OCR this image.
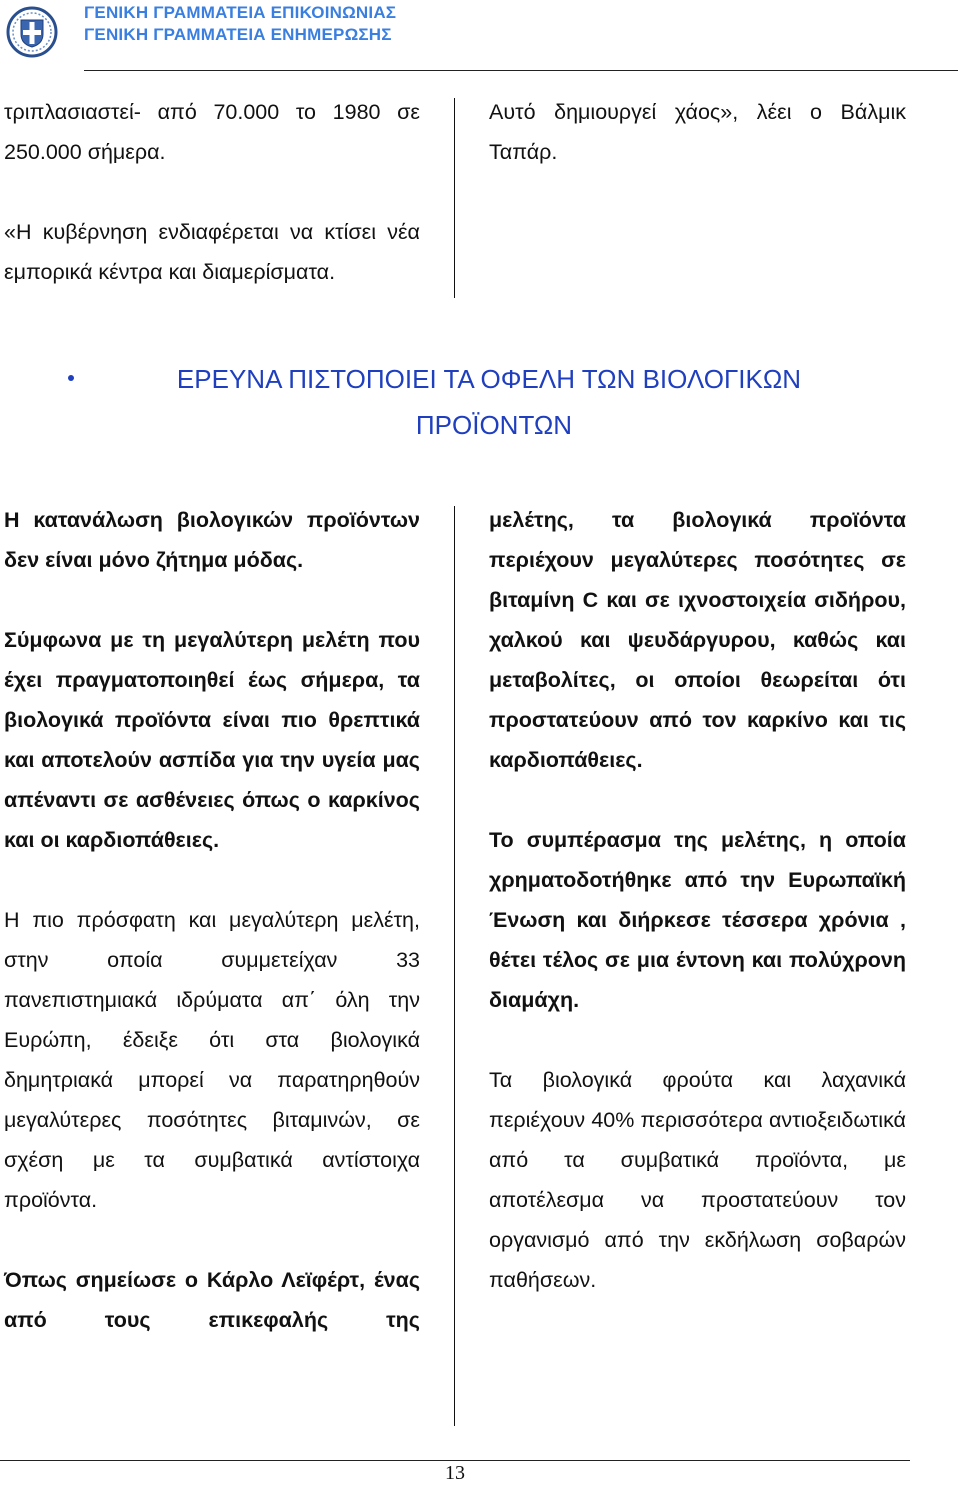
ΓΕΝΙΚΗ ΓΡΑΜΜΑΤΕΙΑ ΕΠΙΚΟΙΝΩΝΙΑΣ
ΓΕΝΙΚΗ ΓΡΑΜΜΑΤΕΙΑ ΕΝΗΜΕΡΩΣΗΣ

τριπλασιαστεί- από 70.000 το 1980 σε 250.000 σήμερα.

«Η κυβέρνηση ενδιαφέρεται να κτίσει νέα εμπορικά κέντρα και διαμερίσματα.

Αυτό δημιουργεί χάος», λέει ο Βάλμικ Ταπάρ.

ΕΡΕΥΝΑ ΠΙΣΤΟΠΟΙΕΙ ΤΑ ΟΦΕΛΗ ΤΩΝ ΒΙΟΛΟΓΙΚΩΝ
ΠΡΟΪΟΝΤΩΝ

Η κατανάλωση βιολογικών προϊόντων δεν είναι μόνο ζήτημα μόδας.

Σύμφωνα με τη μεγαλύτερη μελέτη που έχει πραγματοποιηθεί έως σήμερα, τα βιολογικά προϊόντα είναι πιο θρεπτικά και αποτελούν ασπίδα για την υγεία μας απέναντι σε ασθένειες όπως ο καρκίνος και οι καρδιοπάθειες.

Η πιο πρόσφατη και μεγαλύτερη μελέτη, στην οποία συμμετείχαν 33 πανεπιστημιακά ιδρύματα απ΄ όλη την Ευρώπη, έδειξε ότι στα βιολογικά δημητριακά μπορεί να παρατηρηθούν μεγαλύτερες ποσότητες βιταμινών, σε σχέση με τα συμβατικά αντίστοιχα προϊόντα.

Όπως σημείωσε ο Κάρλο Λεϊφέρτ, ένας από τους επικεφαλής της

μελέτης, τα βιολογικά προϊόντα περιέχουν μεγαλύτερες ποσότητες σε βιταμίνη C και σε ιχνοστοιχεία σιδήρου, χαλκού και ψευδάργυρου, καθώς και μεταβολίτες, οι οποίοι θεωρείται ότι προστατεύουν από τον καρκίνο και τις καρδιοπάθειες.

Το συμπέρασμα της μελέτης, η οποία χρηματοδοτήθηκε από την Ευρωπαϊκή Ένωση και διήρκεσε τέσσερα χρόνια , θέτει τέλος σε μια έντονη και πολύχρονη διαμάχη.

Τα βιολογικά φρούτα και λαχανικά περιέχουν 40% περισσότερα αντιοξειδωτικά από τα συμβατικά προϊόντα, με αποτέλεσμα να προστατεύουν τον οργανισμό από την εκδήλωση σοβαρών παθήσεων.

13
